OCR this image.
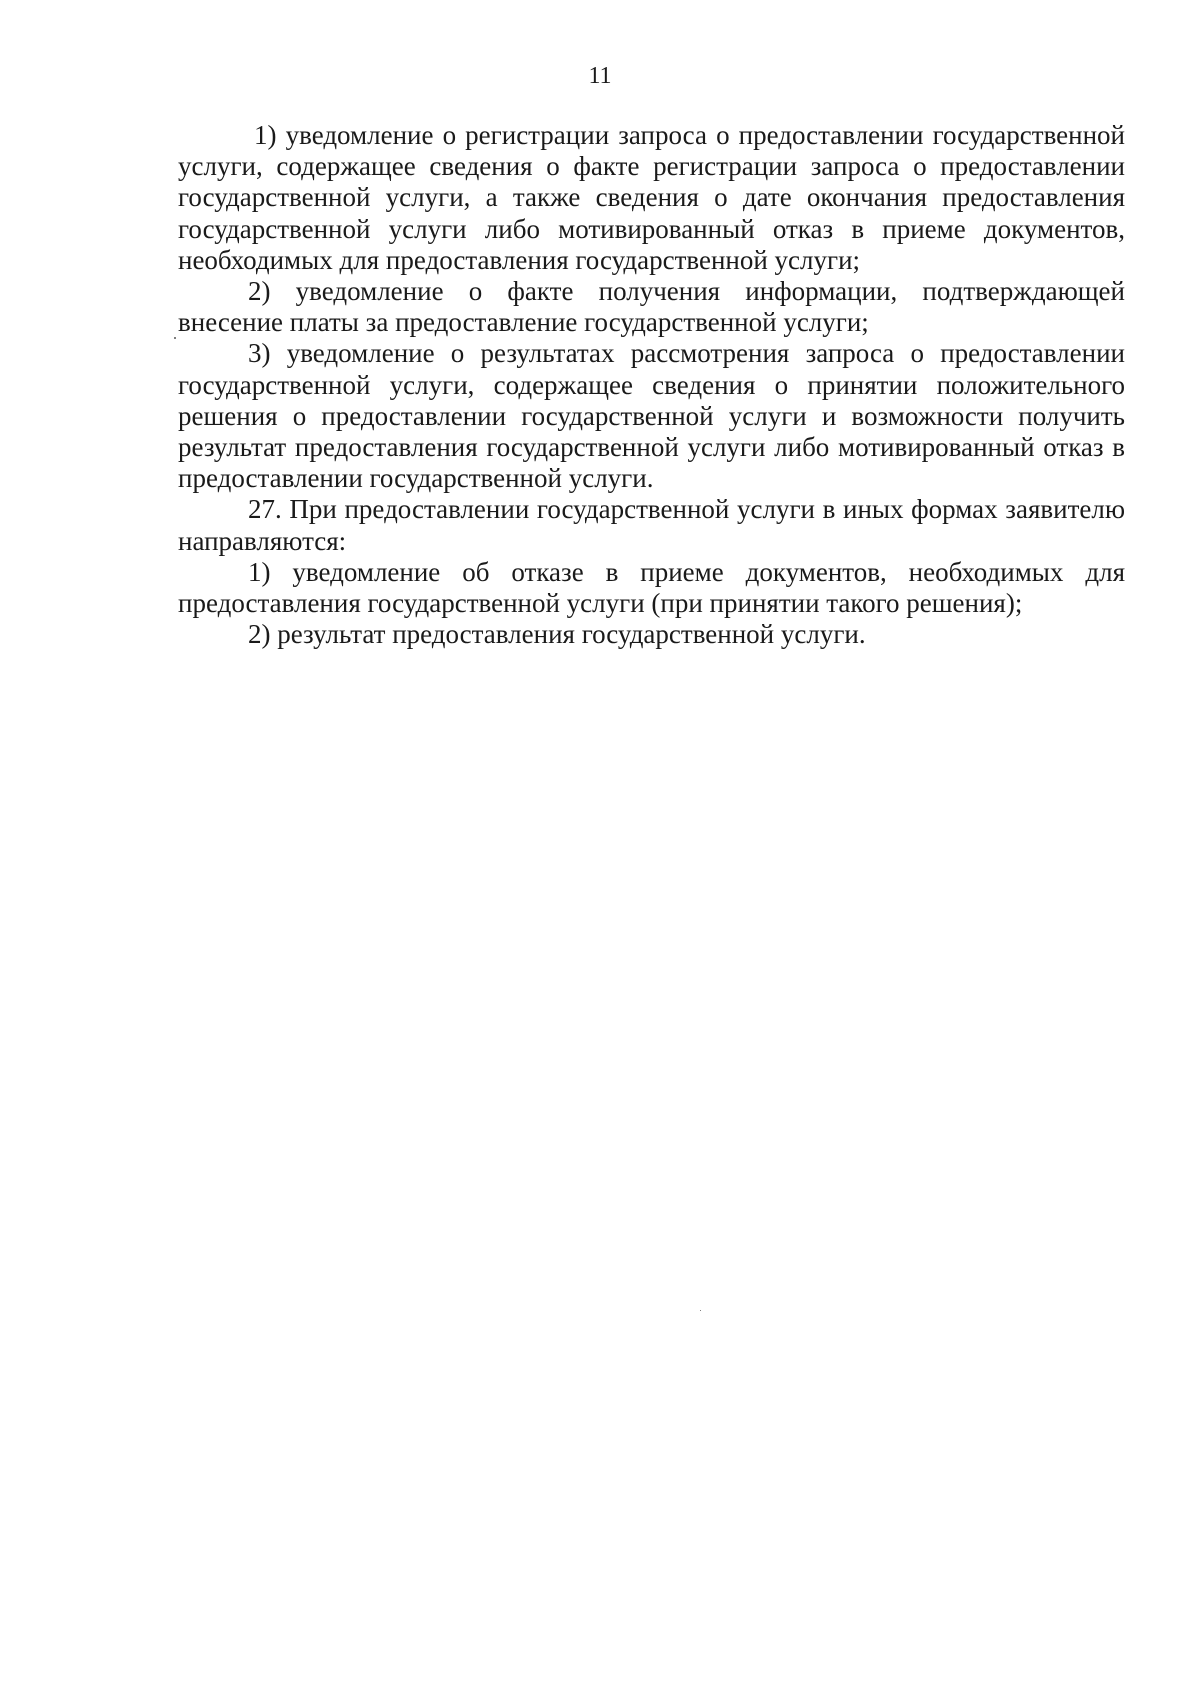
11

1) уведомление о регистрации запроса о предоставлении государственной услуги, содержащее сведения о факте регистрации запроса о предоставлении государственной услуги, а также сведения о дате окончания предоставления государственной услуги либо мотивированный отказ в приеме документов, необходимых для предоставления государственной услуги;

2) уведомление о факте получения информации, подтверждающей внесение платы за предоставление государственной услуги;

3) уведомление о результатах рассмотрения запроса о предоставлении государственной услуги, содержащее сведения о принятии положительного решения о предоставлении государственной услуги и возможности получить результат предоставления государственной услуги либо мотивированный отказ в предоставлении государственной услуги.

27. При предоставлении государственной услуги в иных формах заявителю направляются:

1) уведомление об отказе в приеме документов, необходимых для предоставления государственной услуги (при принятии такого решения);

2) результат предоставления государственной услуги.
